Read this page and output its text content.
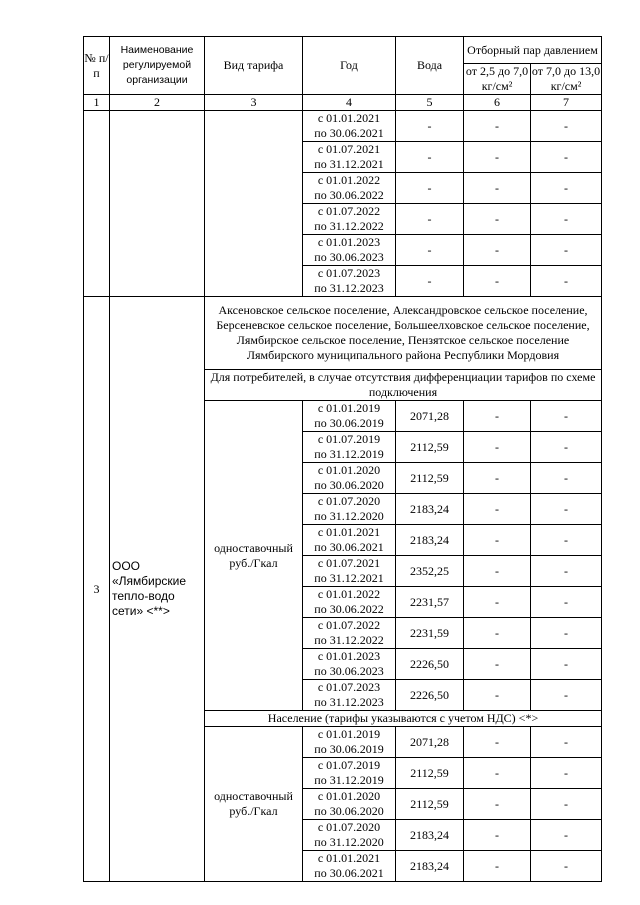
№ п/п	Наименование регулируемой организации	Вид тарифа	Год	Вода	Отборный пар давлением	
					от 2,5 до 7,0 кг/см²	от 7,0 до 13,0 кг/см²
1	2	3	4	5	6	7

			с 01.01.2021
по 30.06.2021	-	-	-

			с 01.07.2021
по 31.12.2021	-	-	-

			с 01.01.2022
по 30.06.2022	-	-	-

			с 01.07.2022
по 31.12.2022	-	-	-

			с 01.01.2023
по 30.06.2023	-	-	-

			с 01.07.2023
по 31.12.2023	-	-	-
3	ООО «Лямбирские тепло-водо сети» <**>	Аксеновское сельское поселение, Александровское сельское поселение, Берсеневское сельское поселение, Большеелховское сельское поселение, Лямбирское сельское поселение, Пензятское сельское поселение Лямбирского муниципального района Республики Мордовия				
		Для потребителей, в случае отсутствия дифференциации тарифов по схеме подключения				
		одноставочный руб./Гкал	с 01.01.2019
по 30.06.2019	2071,28	-	-

			с 01.07.2019
по 31.12.2019	2112,59	-	-

			с 01.01.2020
по 30.06.2020	2112,59	-	-

			с 01.07.2020
по 31.12.2020	2183,24	-	-

			с 01.01.2021
по 30.06.2021	2183,24	-	-

			с 01.07.2021
по 31.12.2021	2352,25	-	-

			с 01.01.2022
по 30.06.2022	2231,57	-	-

			с 01.07.2022
по 31.12.2022	2231,59	-	-

			с 01.01.2023
по 30.06.2023	2226,50	-	-

			с 01.07.2023
по 31.12.2023	2226,50	-	-
		Население (тарифы указываются с учетом НДС) <*>				
		одноставочный руб./Гкал	с 01.01.2019
по 30.06.2019	2071,28	-	-

			с 01.07.2019
по 31.12.2019	2112,59	-	-

			с 01.01.2020
по 30.06.2020	2112,59	-	-

			с 01.07.2020
по 31.12.2020	2183,24	-	-

			с 01.01.2021
по 30.06.2021	2183,24	-	-
